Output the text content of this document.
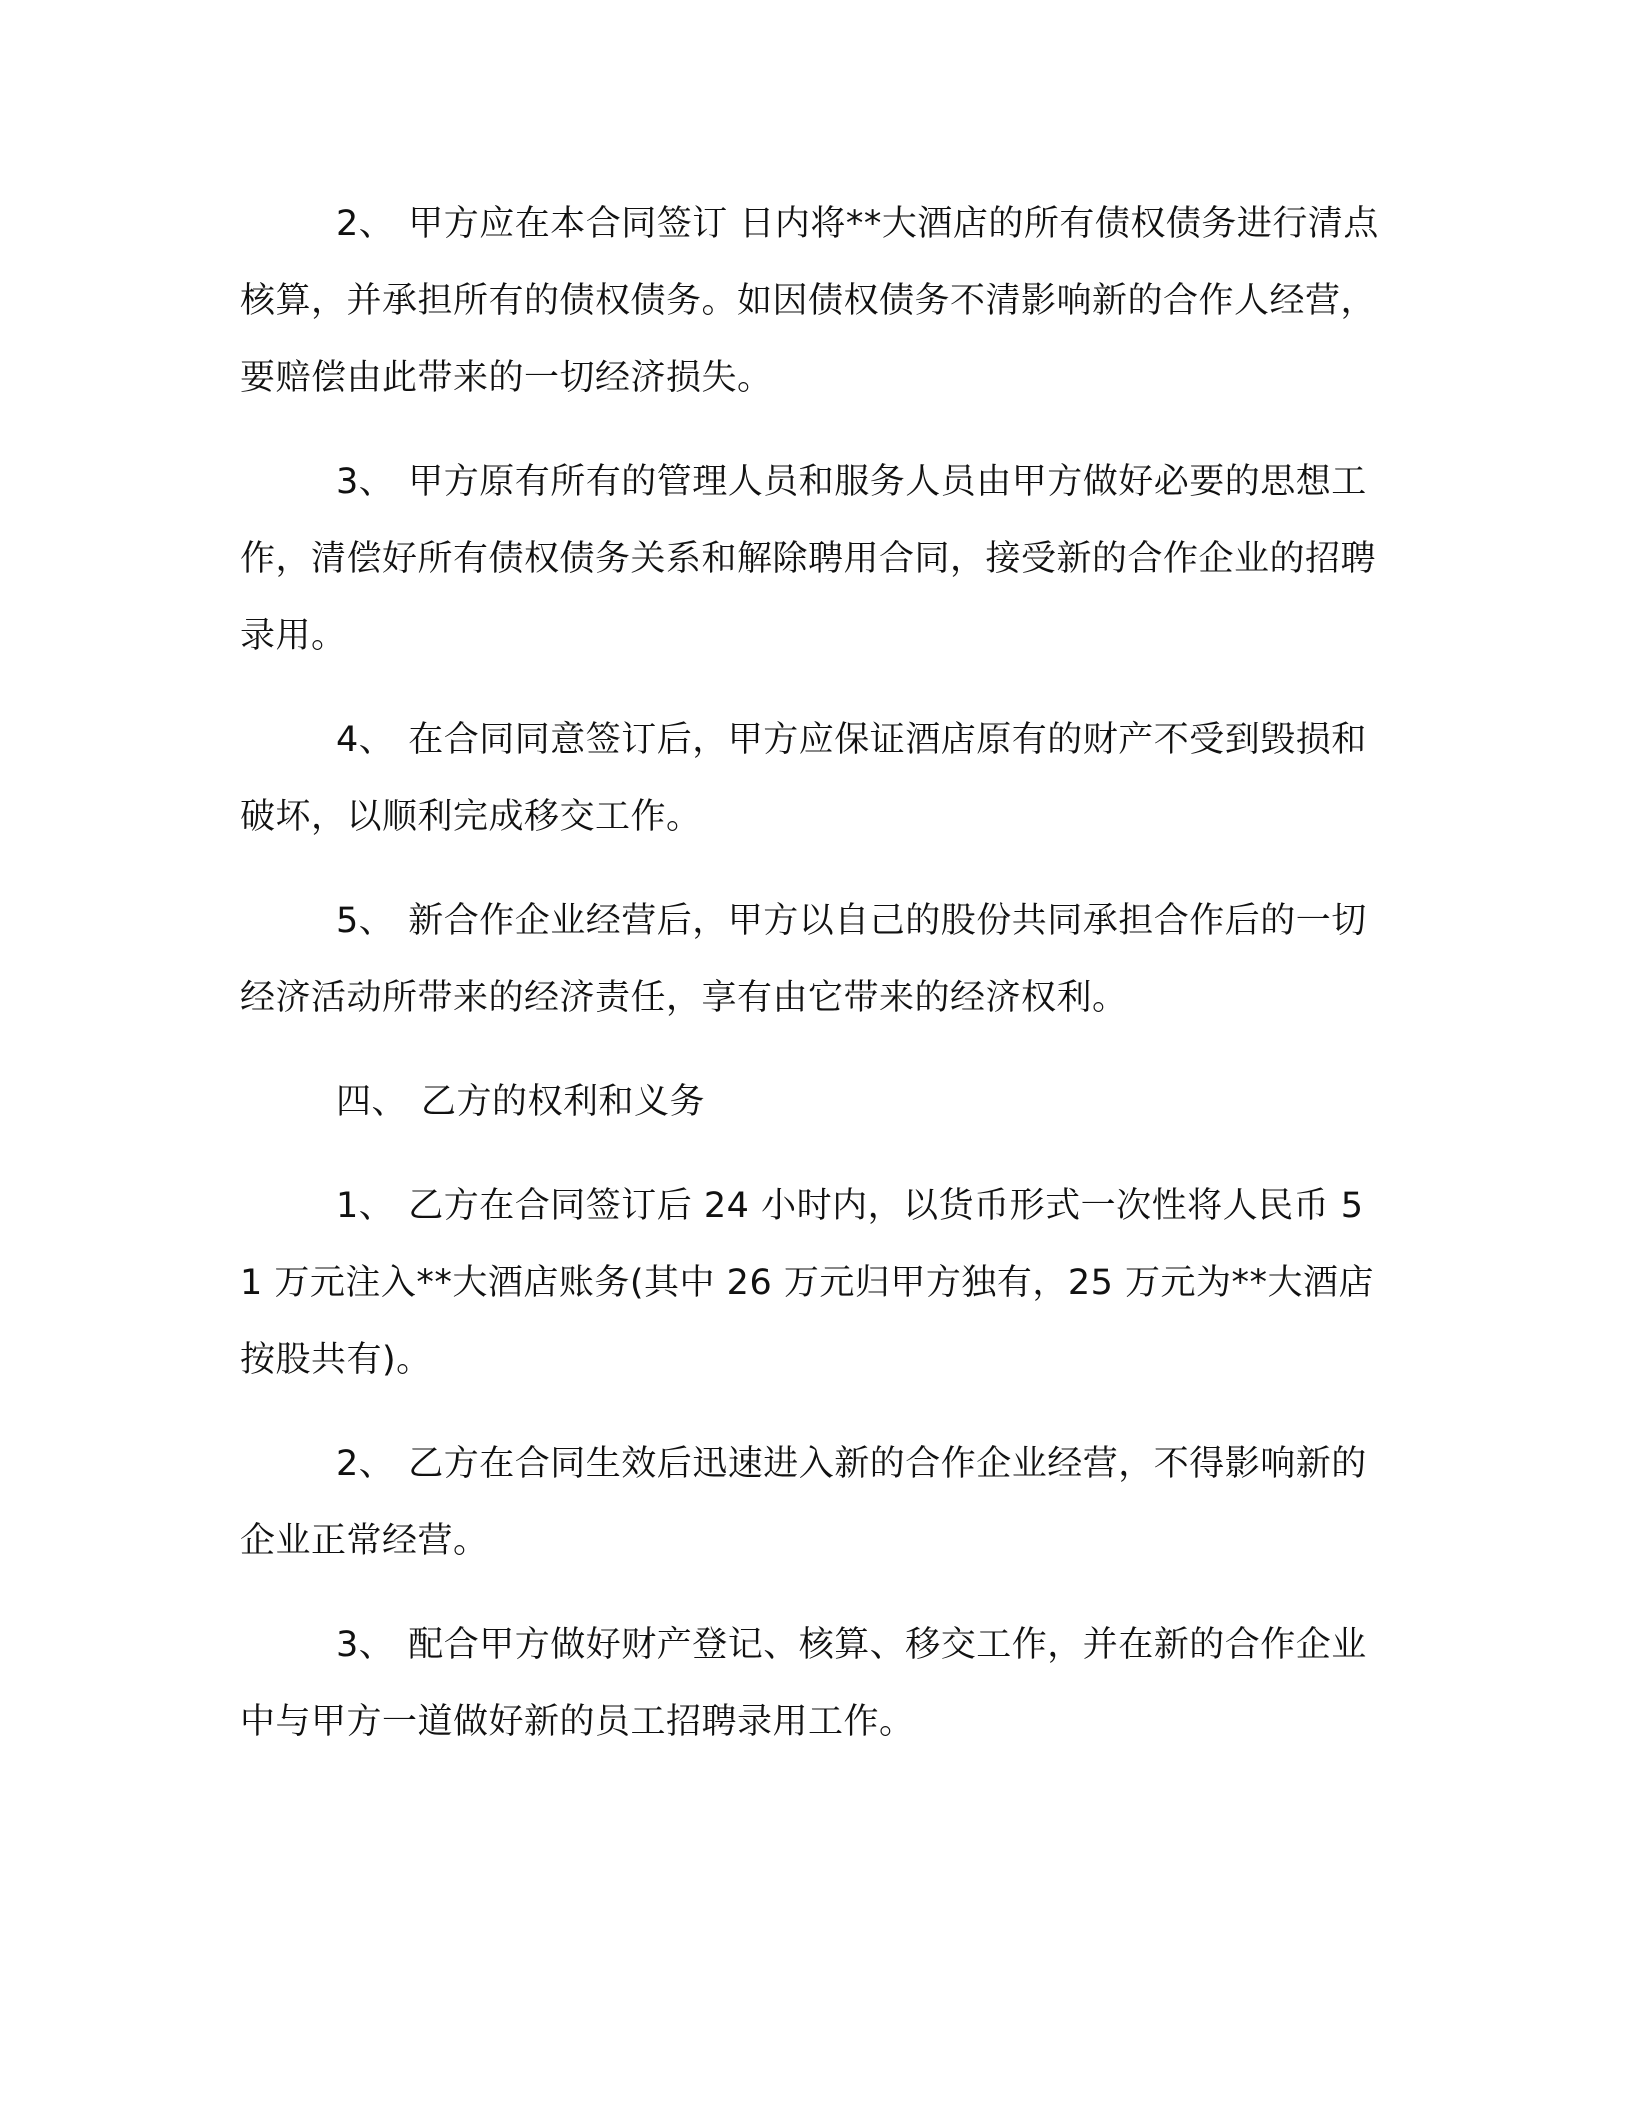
2、 甲方应在本合同签订 日内将**大酒店的所有债权债务进行清点核算，并承担所有的债权债务。如因债权债务不清影响新的合作人经营，要赔偿由此带来的一切经济损失。

3、 甲方原有所有的管理人员和服务人员由甲方做好必要的思想工作，清偿好所有债权债务关系和解除聘用合同，接受新的合作企业的招聘录用。

4、 在合同同意签订后，甲方应保证酒店原有的财产不受到毁损和破坏，以顺利完成移交工作。

5、 新合作企业经营后，甲方以自己的股份共同承担合作后的一切经济活动所带来的经济责任，享有由它带来的经济权利。

四、 乙方的权利和义务

1、 乙方在合同签订后 24 小时内，以货币形式一次性将人民币 51 万元注入**大酒店账务(其中 26 万元归甲方独有，25 万元为**大酒店按股共有)。

2、 乙方在合同生效后迅速进入新的合作企业经营，不得影响新的企业正常经营。

3、 配合甲方做好财产登记、核算、移交工作，并在新的合作企业中与甲方一道做好新的员工招聘录用工作。
